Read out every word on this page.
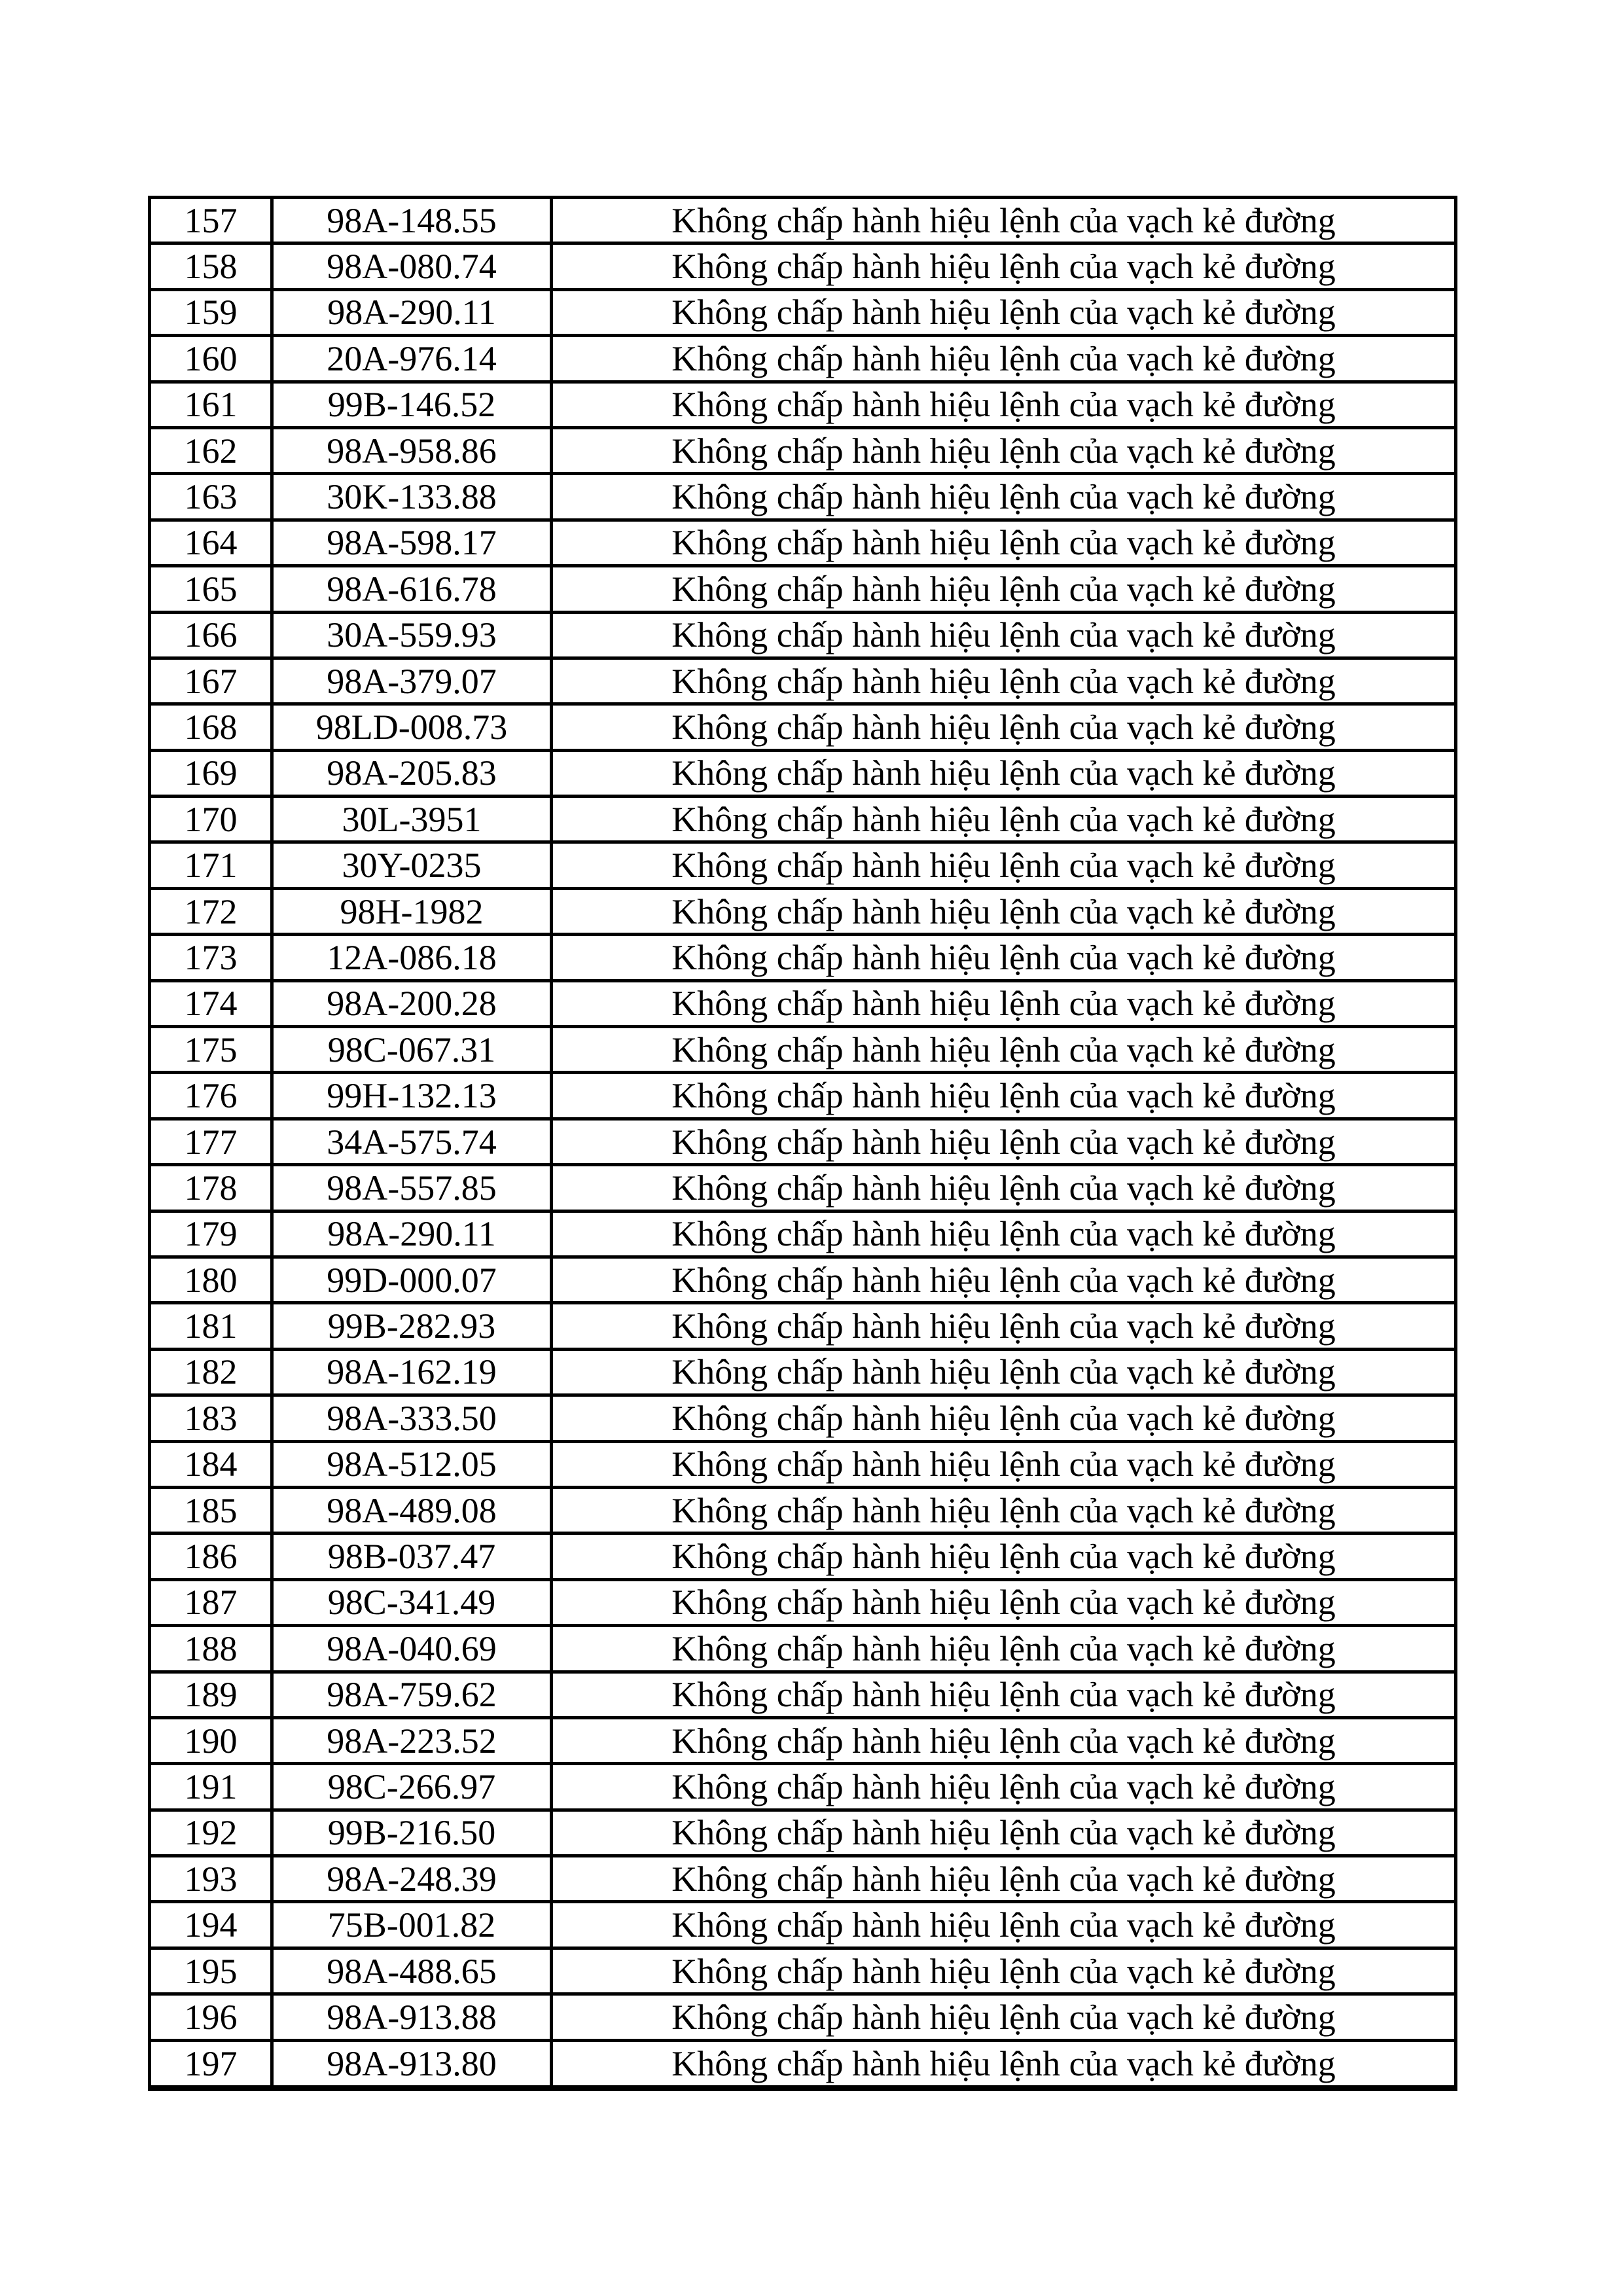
157	98A-148.55	Không chấp hành hiệu lệnh của vạch kẻ đường
158	98A-080.74	Không chấp hành hiệu lệnh của vạch kẻ đường
159	98A-290.11	Không chấp hành hiệu lệnh của vạch kẻ đường
160	20A-976.14	Không chấp hành hiệu lệnh của vạch kẻ đường
161	99B-146.52	Không chấp hành hiệu lệnh của vạch kẻ đường
162	98A-958.86	Không chấp hành hiệu lệnh của vạch kẻ đường
163	30K-133.88	Không chấp hành hiệu lệnh của vạch kẻ đường
164	98A-598.17	Không chấp hành hiệu lệnh của vạch kẻ đường
165	98A-616.78	Không chấp hành hiệu lệnh của vạch kẻ đường
166	30A-559.93	Không chấp hành hiệu lệnh của vạch kẻ đường
167	98A-379.07	Không chấp hành hiệu lệnh của vạch kẻ đường
168	98LD-008.73	Không chấp hành hiệu lệnh của vạch kẻ đường
169	98A-205.83	Không chấp hành hiệu lệnh của vạch kẻ đường
170	30L-3951	Không chấp hành hiệu lệnh của vạch kẻ đường
171	30Y-0235	Không chấp hành hiệu lệnh của vạch kẻ đường
172	98H-1982	Không chấp hành hiệu lệnh của vạch kẻ đường
173	12A-086.18	Không chấp hành hiệu lệnh của vạch kẻ đường
174	98A-200.28	Không chấp hành hiệu lệnh của vạch kẻ đường
175	98C-067.31	Không chấp hành hiệu lệnh của vạch kẻ đường
176	99H-132.13	Không chấp hành hiệu lệnh của vạch kẻ đường
177	34A-575.74	Không chấp hành hiệu lệnh của vạch kẻ đường
178	98A-557.85	Không chấp hành hiệu lệnh của vạch kẻ đường
179	98A-290.11	Không chấp hành hiệu lệnh của vạch kẻ đường
180	99D-000.07	Không chấp hành hiệu lệnh của vạch kẻ đường
181	99B-282.93	Không chấp hành hiệu lệnh của vạch kẻ đường
182	98A-162.19	Không chấp hành hiệu lệnh của vạch kẻ đường
183	98A-333.50	Không chấp hành hiệu lệnh của vạch kẻ đường
184	98A-512.05	Không chấp hành hiệu lệnh của vạch kẻ đường
185	98A-489.08	Không chấp hành hiệu lệnh của vạch kẻ đường
186	98B-037.47	Không chấp hành hiệu lệnh của vạch kẻ đường
187	98C-341.49	Không chấp hành hiệu lệnh của vạch kẻ đường
188	98A-040.69	Không chấp hành hiệu lệnh của vạch kẻ đường
189	98A-759.62	Không chấp hành hiệu lệnh của vạch kẻ đường
190	98A-223.52	Không chấp hành hiệu lệnh của vạch kẻ đường
191	98C-266.97	Không chấp hành hiệu lệnh của vạch kẻ đường
192	99B-216.50	Không chấp hành hiệu lệnh của vạch kẻ đường
193	98A-248.39	Không chấp hành hiệu lệnh của vạch kẻ đường
194	75B-001.82	Không chấp hành hiệu lệnh của vạch kẻ đường
195	98A-488.65	Không chấp hành hiệu lệnh của vạch kẻ đường
196	98A-913.88	Không chấp hành hiệu lệnh của vạch kẻ đường
197	98A-913.80	Không chấp hành hiệu lệnh của vạch kẻ đường
